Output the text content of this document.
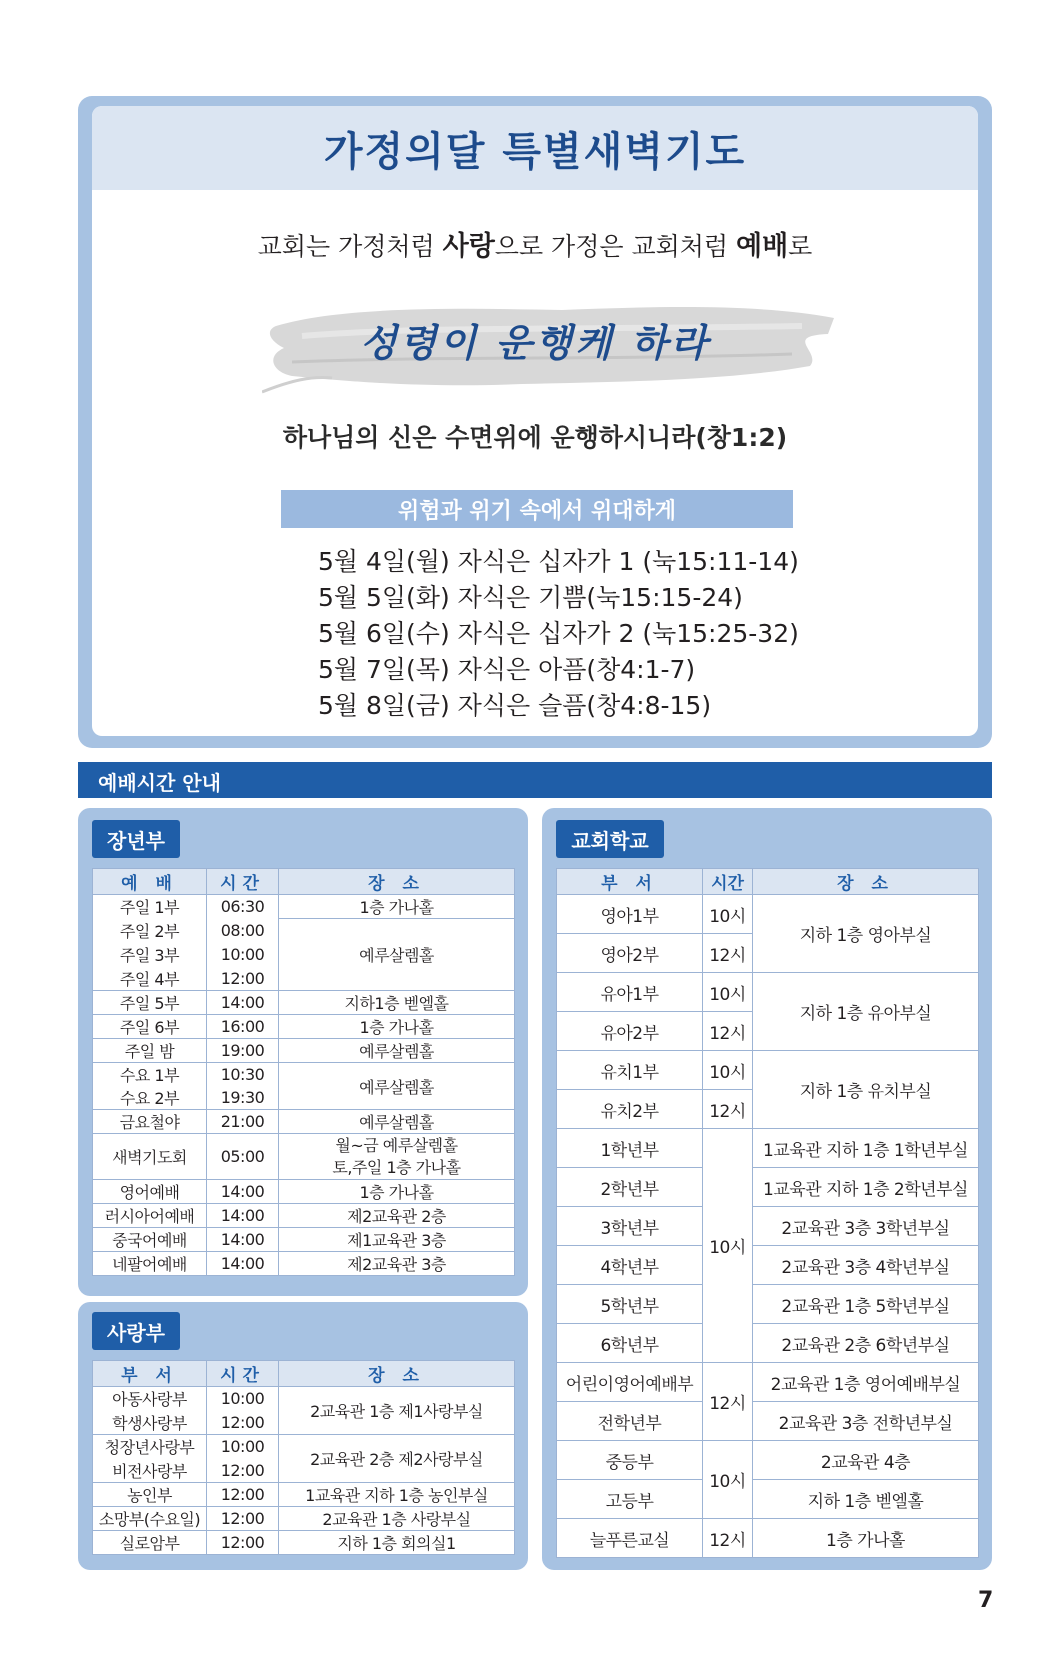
가정의달 특별새벽기도
교회는 가정처럼 사랑으로 가정은 교회처럼 예배로
성령이 운행케 하라
하나님의 신은 수면위에 운행하시니라(창1:2)
위험과 위기 속에서 위대하게
5월 4일(월) 자식은 십자가 1 (눅15:11-14)
5월 5일(화) 자식은 기쁨(눅15:15-24)
5월 6일(수) 자식은 십자가 2 (눅15:25-32)
5월 7일(목) 자식은 아픔(창4:1-7)
5월 8일(금) 자식은 슬픔(창4:8-15)
예배시간 안내
장년부
예 배	시간	장 소
주일 1부	06:30	1층 가나홀
주일 2부	08:00	예루살렘홀
주일 3부	10:00	
주일 4부	12:00	
주일 5부	14:00	지하1층 벧엘홀
주일 6부	16:00	1층 가나홀
주일 밤	19:00	예루살렘홀
수요 1부	10:30	예루살렘홀
수요 2부	19:30	
금요철야	21:00	예루살렘홀
새벽기도회	05:00	월~금 예루살렘홀
토,주일 1층 가나홀
영어예배	14:00	1층 가나홀
러시아어예배	14:00	제2교육관 2층
중국어예배	14:00	제1교육관 3층
네팔어예배	14:00	제2교육관 3층
사랑부
부 서	시간	장 소
아동사랑부	10:00	2교육관 1층 제1사랑부실
학생사랑부	12:00	
청장년사랑부	10:00	2교육관 2층 제2사랑부실
비전사랑부	12:00	
농인부	12:00	1교육관 지하 1층 농인부실
소망부(수요일)	12:00	2교육관 1층 사랑부실
실로암부	12:00	지하 1층 회의실1
교회학교
부 서	시간	장 소
영아1부	10시	지하 1층 영아부실
영아2부	12시	
유아1부	10시	지하 1층 유아부실
유아2부	12시	
유치1부	10시	지하 1층 유치부실
유치2부	12시	
1학년부	10시	1교육관 지하 1층 1학년부실
2학년부		1교육관 지하 1층 2학년부실
3학년부		2교육관 3층 3학년부실
4학년부		2교육관 3층 4학년부실
5학년부		2교육관 1층 5학년부실
6학년부		2교육관 2층 6학년부실
어린이영어예배부	12시	2교육관 1층 영어예배부실
전학년부		2교육관 3층 전학년부실
중등부	10시	2교육관 4층
고등부		지하 1층 벧엘홀
늘푸른교실	12시	1층 가나홀
7
